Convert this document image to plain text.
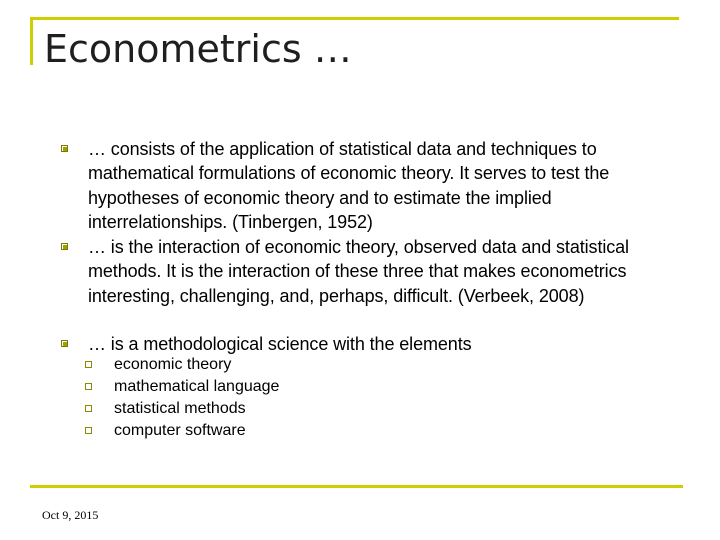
Econometrics …
… consists of the application of statistical data and techniques to mathematical formulations of economic theory. It serves to test the hypotheses of economic theory and to estimate the implied interrelationships. (Tinbergen, 1952)
… is the interaction of economic theory, observed data and statistical methods. It is the interaction of these three that makes econometrics interesting, challenging, and, perhaps, difficult. (Verbeek, 2008)
… is a methodological science with the elements
economic theory
mathematical language
statistical methods
computer software
Oct 9, 2015
